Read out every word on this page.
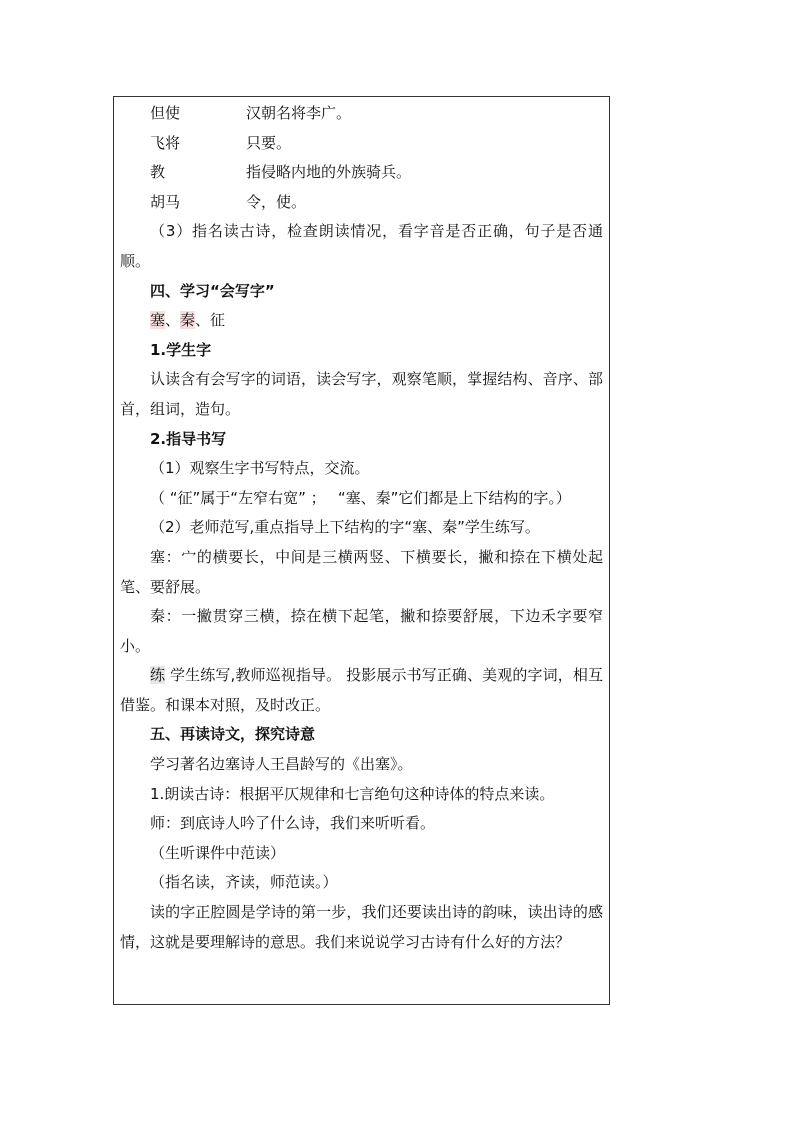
但使	汉朝名将李广。

飞将	只要。

教	指侵略内地的外族骑兵。

胡马	令，使。

（3）指名读古诗，检查朗读情况，看字音是否正确，句子是否通顺。

四、学习“会写字”

塞、秦、征

1.学生字

认读含有会写字的词语，读会写字，观察笔顺，掌握结构、音序、部首，组词，造句。

2.指导书写

（1）观察生字书写特点，交流。

（ “征”属于“左窄右宽” ；　 “塞、秦”它们都是上下结构的字。）

（2）老师范写,重点指导上下结构的字“塞、秦”学生练写。

塞：宀的横要长，中间是三横两竖、下横要长，撇和捺在下横处起笔、要舒展。

秦：一撇贯穿三横，捺在横下起笔，撇和捺要舒展，下边禾字要窄小。

练 学生练写,教师巡视指导。 投影展示书写正确、美观的字词，相互借鉴。和课本对照，及时改正。

五、再读诗文，探究诗意

学习著名边塞诗人王昌龄写的《出塞》。

1.朗读古诗：根据平仄规律和七言绝句这种诗体的特点来读。

师：到底诗人吟了什么诗，我们来听听看。

（生听课件中范读）

（指名读，齐读，师范读。）

读的字正腔圆是学诗的第一步，我们还要读出诗的韵味，读出诗的感情，这就是要理解诗的意思。我们来说说学习古诗有什么好的方法？
